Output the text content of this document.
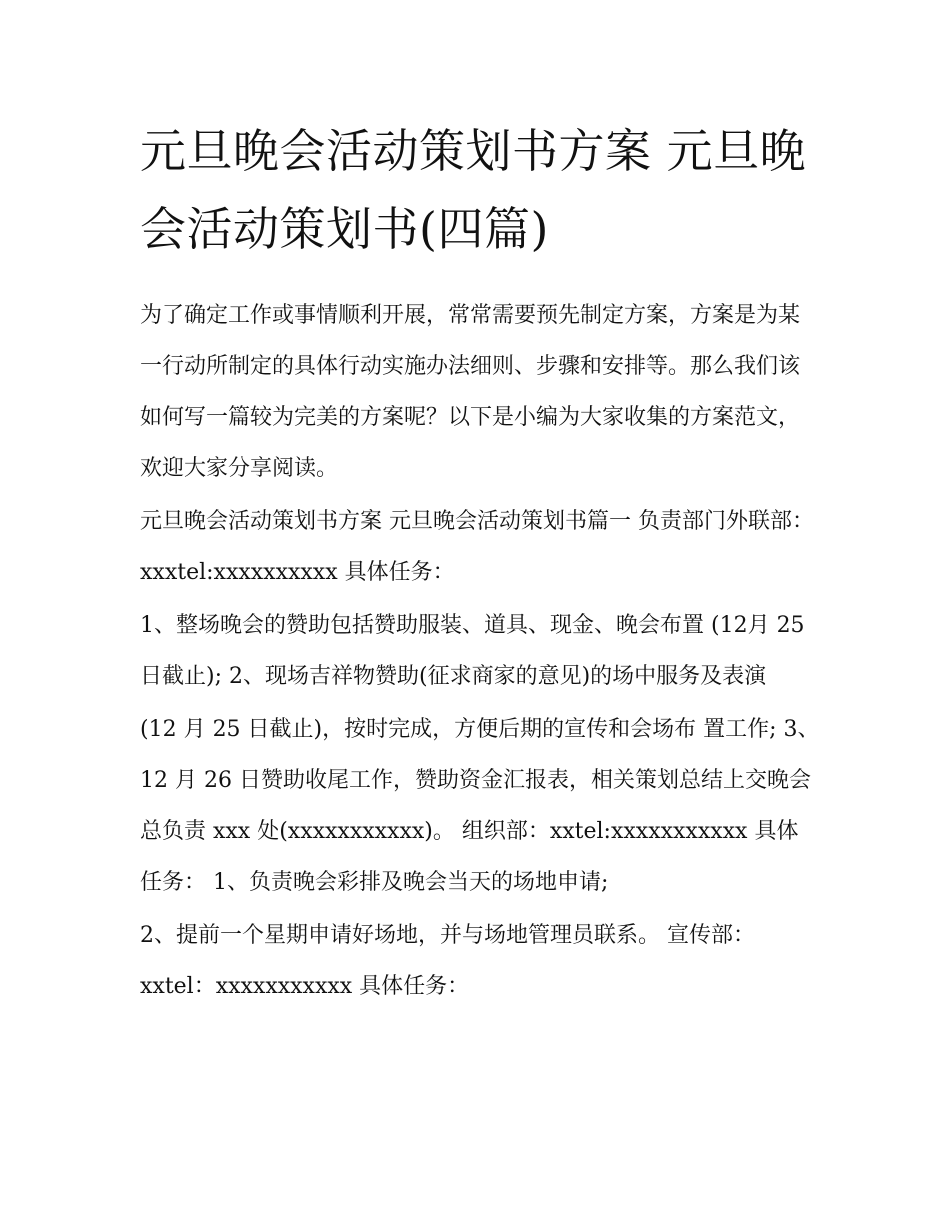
元旦晚会活动策划书方案 元旦晚会活动策划书(四篇)

为了确定工作或事情顺利开展，常常需要预先制定方案，方案是为某一行动所制定的具体行动实施办法细则、步骤和安排等。那么我们该如何写一篇较为完美的方案呢？以下是小编为大家收集的方案范文，欢迎大家分享阅读。

元旦晚会活动策划书方案 元旦晚会活动策划书篇一 负责部门外联部：xxxtel:xxxxxxxxxx 具体任务：

1、整场晚会的赞助包括赞助服装、道具、现金、晚会布置 (12月 25 日截止); 2、现场吉祥物赞助(征求商家的意见)的场中服务及表演

(12 月 25 日截止)，按时完成，方便后期的宣传和会场布 置工作; 3、12 月 26 日赞助收尾工作，赞助资金汇报表，相关策划总结上交晚会总负责 xxx 处(xxxxxxxxxxx)。 组织部：xxtel:xxxxxxxxxxx 具体任务： 1、负责晚会彩排及晚会当天的场地申请;

2、提前一个星期申请好场地，并与场地管理员联系。 宣传部：xxtel：xxxxxxxxxxx 具体任务：
